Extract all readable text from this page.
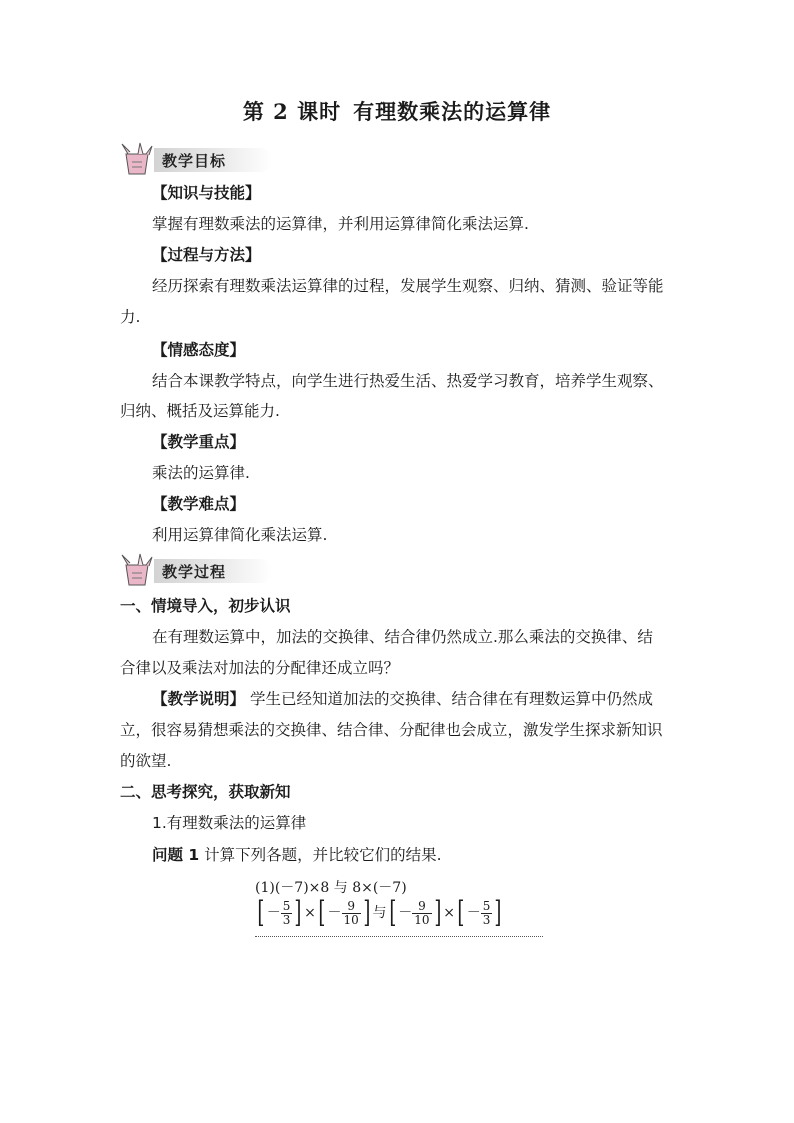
第 2 课时 有理数乘法的运算律
教学目标
【知识与技能】
掌握有理数乘法的运算律，并利用运算律简化乘法运算.
【过程与方法】
经历探索有理数乘法运算律的过程，发展学生观察、归纳、猜测、验证等能
力.
【情感态度】
结合本课教学特点，向学生进行热爱生活、热爱学习教育，培养学生观察、
归纳、概括及运算能力.
【教学重点】
乘法的运算律.
【教学难点】
利用运算律简化乘法运算.
教学过程
一、情境导入，初步认识
在有理数运算中，加法的交换律、结合律仍然成立.那么乘法的交换律、结
合律以及乘法对加法的分配律还成立吗？
【教学说明】 学生已经知道加法的交换律、结合律在有理数运算中仍然成
立，很容易猜想乘法的交换律、结合律、分配律也会成立，激发学生探求新知识
的欲望.
二、思考探究，获取新知
1.有理数乘法的运算律
问题 1 计算下列各题，并比较它们的结果.
(1)(－7)×8 与 8×(－7)
[ － $\frac{5}{3}$ ] ×[ － $\frac{9}{10}$ ] 与[ － $\frac{9}{10}$ ] ×[ － $\frac{5}{3}$ ]
